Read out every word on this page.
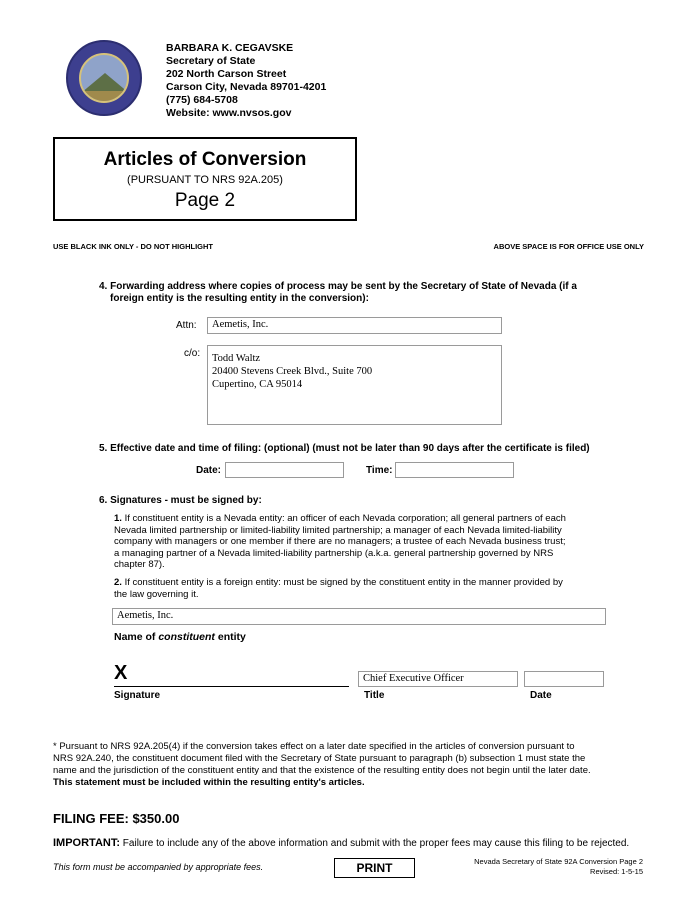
BARBARA K. CEGAVSKE
Secretary of State
202 North Carson Street
Carson City, Nevada 89701-4201
(775) 684-5708
Website: www.nvsos.gov
Articles of Conversion
(PURSUANT TO NRS 92A.205)
Page 2
USE BLACK INK ONLY - DO NOT HIGHLIGHT	ABOVE SPACE IS FOR OFFICE USE ONLY
4. Forwarding address where copies of process may be sent by the Secretary of State of Nevada (if a
foreign entity is the resulting entity in the conversion):
Attn:	Aemetis, Inc.
c/o: Todd Waltz
20400 Stevens Creek Blvd., Suite 700
Cupertino, CA 95014
5. Effective date and time of filing: (optional) (must not be later than 90 days after the certificate is filed)
Date:	Time:
6. Signatures - must be signed by:
1. If constituent entity is a Nevada entity: an officer of each Nevada corporation; all general partners of each
Nevada limited partnership or limited-liability limited partnership; a manager of each Nevada limited-liability
company with managers or one member if there are no managers; a trustee of each Nevada business trust;
a managing partner of a Nevada limited-liability partnership (a.k.a. general partnership governed by NRS
chapter 87).
2. If constituent entity is a foreign entity: must be signed by the constituent entity in the manner provided by
the law governing it.
Aemetis, Inc.
Name of constituent entity
X
Signature
Chief Executive Officer
Title	Date
* Pursuant to NRS 92A.205(4) if the conversion takes effect on a later date specified in the articles of conversion pursuant to
NRS 92A.240, the constituent document filed with the Secretary of State pursuant to paragraph (b) subsection 1 must state the
name and the jurisdiction of the constituent entity and that the existence of the resulting entity does not begin until the later date.
This statement must be included within the resulting entity's articles.
FILING FEE: $350.00
IMPORTANT: Failure to include any of the above information and submit with the proper fees may cause this filing to be rejected.
This form must be accompanied by appropriate fees.	PRINT	Nevada Secretary of State 92A Conversion Page 2
Revised: 1-5-15
